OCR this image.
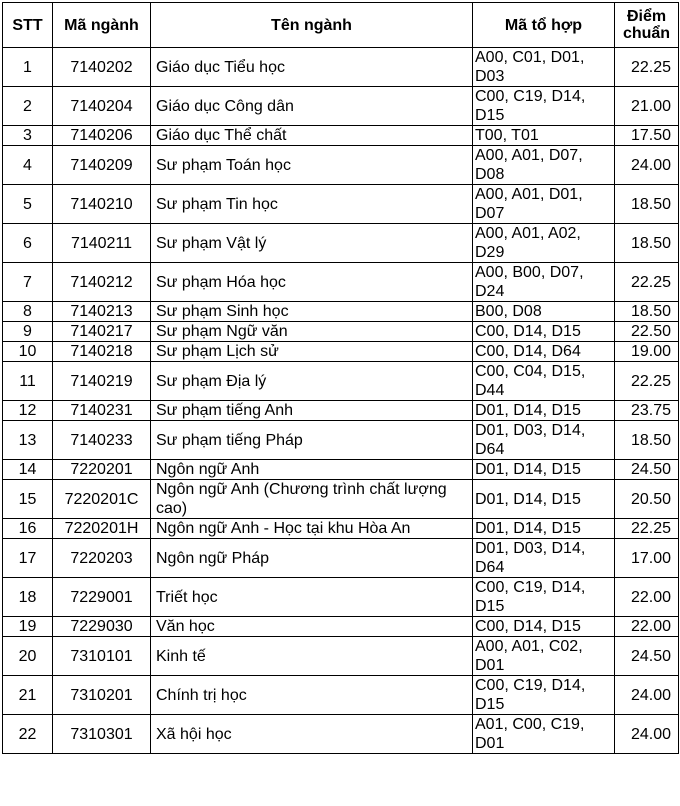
STT	Mã ngành	Tên ngành	Mã tổ hợp	Điểm chuẩn
1	7140202	Giáo dục Tiểu học	A00, C01, D01, D03	22.25
2	7140204	Giáo dục Công dân	C00, C19, D14, D15	21.00
3	7140206	Giáo dục Thể chất	T00, T01	17.50
4	7140209	Sư phạm Toán học	A00, A01, D07, D08	24.00
5	7140210	Sư phạm Tin học	A00, A01, D01, D07	18.50
6	7140211	Sư phạm Vật lý	A00, A01, A02, D29	18.50
7	7140212	Sư phạm Hóa học	A00, B00, D07, D24	22.25
8	7140213	Sư phạm Sinh học	B00, D08	18.50
9	7140217	Sư phạm Ngữ văn	C00, D14, D15	22.50
10	7140218	Sư phạm Lịch sử	C00, D14, D64	19.00
11	7140219	Sư phạm Địa lý	C00, C04, D15, D44	22.25
12	7140231	Sư phạm tiếng Anh	D01, D14, D15	23.75
13	7140233	Sư phạm tiếng Pháp	D01, D03, D14, D64	18.50
14	7220201	Ngôn ngữ Anh	D01, D14, D15	24.50
15	7220201C	Ngôn ngữ Anh (Chương trình chất lượng cao)	D01, D14, D15	20.50
16	7220201H	Ngôn ngữ Anh - Học tại khu Hòa An	D01, D14, D15	22.25
17	7220203	Ngôn ngữ Pháp	D01, D03, D14, D64	17.00
18	7229001	Triết học	C00, C19, D14, D15	22.00
19	7229030	Văn học	C00, D14, D15	22.00
20	7310101	Kinh tế	A00, A01, C02, D01	24.50
21	7310201	Chính trị học	C00, C19, D14, D15	24.00
22	7310301	Xã hội học	A01, C00, C19, D01	24.00
